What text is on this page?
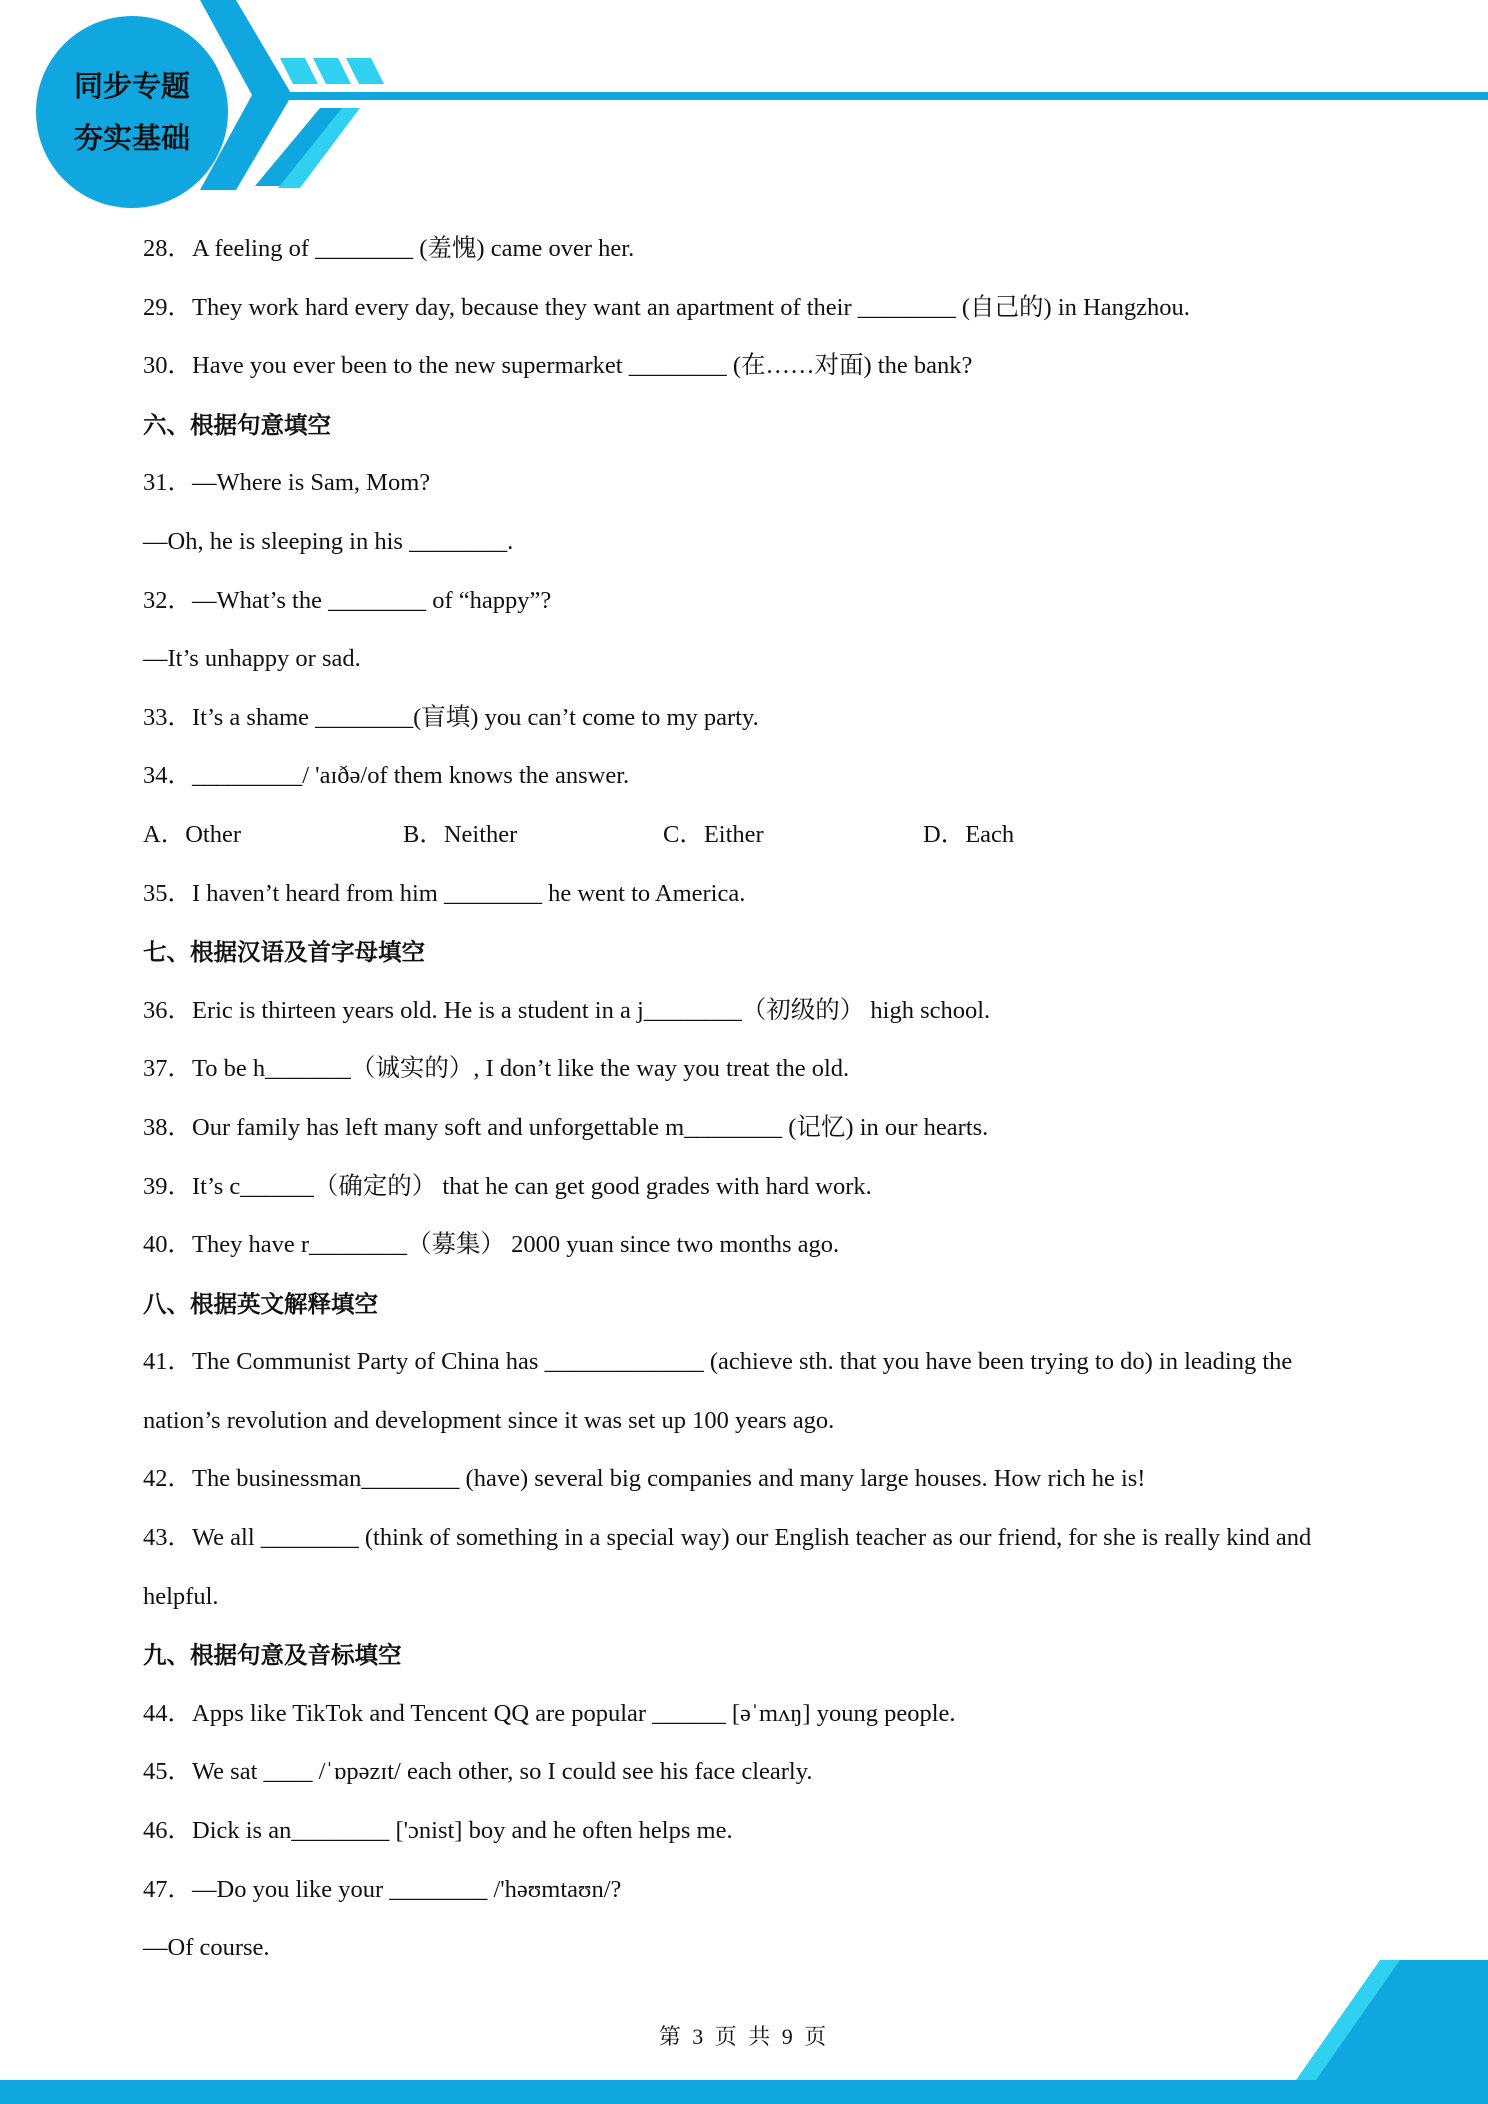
同步专题
夯实基础
28．A feeling of ________ (羞愧) came over her.
29．They work hard every day, because they want an apartment of their ________ (自己的) in Hangzhou.
30．Have you ever been to the new supermarket ________ (在……对面) the bank?
六、根据句意填空
31．—Where is Sam, Mom?
—Oh, he is sleeping in his ________.
32．—What’s the ________ of “happy”?
—It’s unhappy or sad.
33．It’s a shame ________(盲填) you can’t come to my party.
34．_________/ 'aɪðə/of them knows the answer.
A．Other	B．Neither	C．Either	D．Each
35．I haven’t heard from him ________ he went to America.
七、根据汉语及首字母填空
36．Eric is thirteen years old. He is a student in a j________（初级的） high school.
37．To be h_______（诚实的）, I don’t like the way you treat the old.
38．Our family has left many soft and unforgettable m________ (记忆) in our hearts.
39．It’s c______（确定的） that he can get good grades with hard work.
40．They have r________（募集） 2000 yuan since two months ago.
八、根据英文解释填空
41．The Communist Party of China has _____________ (achieve sth. that you have been trying to do) in leading the nation’s revolution and development since it was set up 100 years ago.
42．The businessman________ (have) several big companies and many large houses. How rich he is!
43．We all ________ (think of something in a special way) our English teacher as our friend, for she is really kind and helpful.
九、根据句意及音标填空
44．Apps like TikTok and Tencent QQ are popular ______ [əˈmʌŋ] young people.
45．We sat ____ /ˈɒpəzɪt/ each other, so I could see his face clearly.
46．Dick is an________ ['ɔnist] boy and he often helps me.
47．—Do you like your ________ /'həʊmtaʊn/?
—Of course.
第 3 页 共 9 页
